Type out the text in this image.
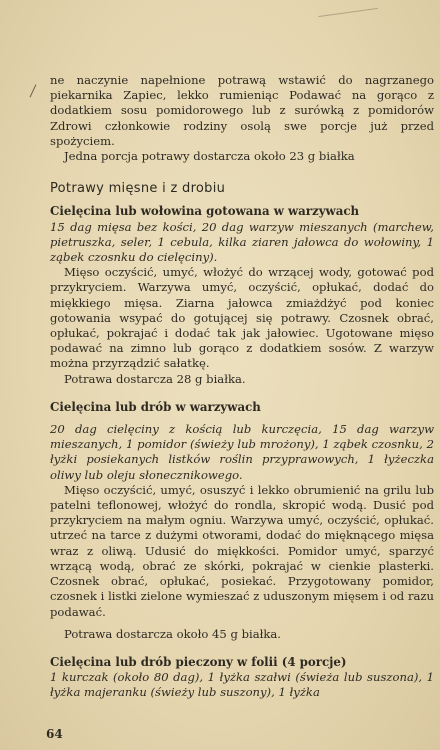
ne naczynie napełnione potrawą wstawić do nagrzanego piekarnika Zapiec, lekko rumieniąc Podawać na gorąco z dodatkiem sosu pomidorowego lub z surówką z pomidorów Zdrowi członkowie rodziny osolą swe porcje już przed spożyciem.

Jedna porcja potrawy dostarcza około 23 g białka

Potrawy mięsne i z drobiu
Cielęcina lub wołowina gotowana w warzywach

15 dag mięsa bez kości, 20 dag warzyw mieszanych (marchew, pietruszka, seler, 1 cebula, kilka ziaren jałowca do wołowiny, 1 ząbek czosnku do cielęciny).

Mięso oczyścić, umyć, włożyć do wrzącej wody, gotować pod przykryciem. Warzywa umyć, oczyścić, opłukać, dodać do miękkiego mięsa. Ziarna jałowca zmiażdżyć pod koniec gotowania wsypać do gotującej się potrawy. Czosnek obrać, opłukać, pokrajać i dodać tak jak jałowiec. Ugotowane mięso podawać na zimno lub gorąco z dodatkiem sosów. Z warzyw można przyrządzić sałatkę.

Potrawa dostarcza 28 g białka.

Cielęcina lub drób w warzywach

20 dag cielęciny z kością lub kurczęcia, 15 dag warzyw mieszanych, 1 pomidor (świeży lub mrożony), 1 ząbek czosnku, 2 łyżki posiekanych listków roślin przyprawowych, 1 łyżeczka oliwy lub oleju słonecznikowego.

Mięso oczyścić, umyć, osuszyć i lekko obrumienić na grilu lub patelni teflonowej, włożyć do rondla, skropić wodą. Dusić pod przykryciem na małym ogniu. Warzywa umyć, oczyścić, opłukać. utrzeć na tarce z dużymi otworami, dodać do mięknącego mięsa wraz z oliwą. Udusić do miękkości. Pomidor umyć, sparzyć wrzącą wodą, obrać ze skórki, pokrajać w cienkie plasterki. Czosnek obrać, opłukać, posiekać. Przygotowany pomidor, czosnek i listki zielone wymieszać z uduszonym mięsem i od razu podawać.

Potrawa dostarcza około 45 g białka.

Cielęcina lub drób pieczony w folii (4 porcje)

1 kurczak (około 80 dag), 1 łyżka szałwi (świeża lub suszona), 1 łyżka majeranku (świeży lub suszony), 1 łyżka

64
